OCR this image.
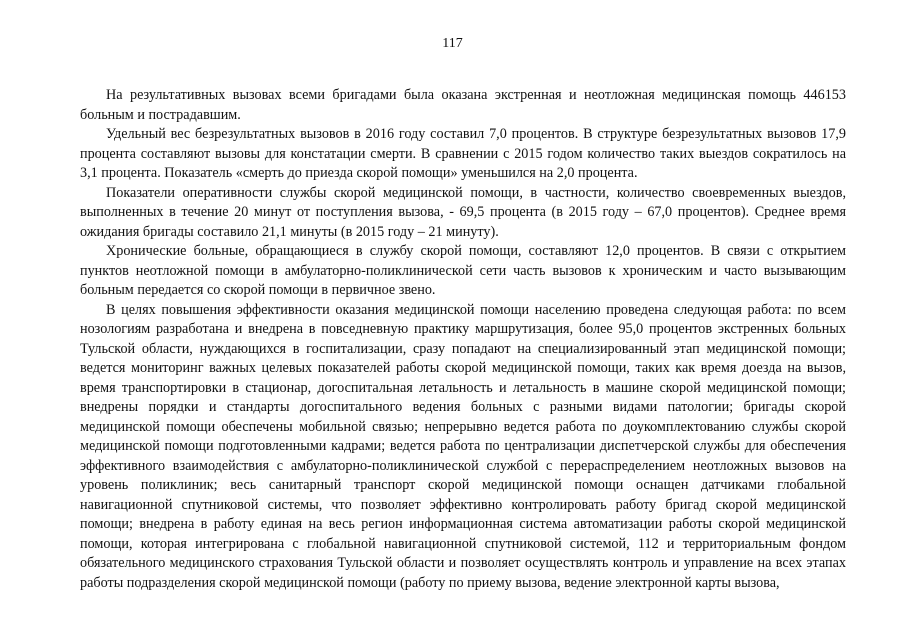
117

На результативных вызовах всеми бригадами была оказана экстренная и неотложная медицинская помощь 446153 больным и пострадавшим.

Удельный вес безрезультатных вызовов в 2016 году составил 7,0 процентов. В структуре безрезультатных вызовов 17,9 процента составляют вызовы для констатации смерти. В сравнении с 2015 годом количество таких выездов сократилось на 3,1 процента. Показатель «смерть до приезда скорой помощи» уменьшился на 2,0 процента.

Показатели оперативности службы скорой медицинской помощи, в частности, количество своевременных выездов, выполненных в течение 20 минут от поступления вызова, - 69,5 процента (в 2015 году – 67,0 процентов). Среднее время ожидания бригады составило 21,1 минуты (в 2015 году – 21 минуту).

Хронические больные, обращающиеся в службу скорой помощи, составляют 12,0 процентов. В связи с открытием пунктов неотложной помощи в амбулаторно-поликлинической сети часть вызовов к хроническим и часто вызывающим больным передается со скорой помощи в первичное звено.

В целях повышения эффективности оказания медицинской помощи населению проведена следующая работа: по всем нозологиям разработана и внедрена в повседневную практику маршрутизация, более 95,0 процентов экстренных больных Тульской области, нуждающихся в госпитализации, сразу попадают на специализированный этап медицинской помощи; ведется мониторинг важных целевых показателей работы скорой медицинской помощи, таких как время доезда на вызов, время транспортировки в стационар, догоспитальная летальность и летальность в машине скорой медицинской помощи; внедрены порядки и стандарты догоспитального ведения больных с разными видами патологии; бригады скорой медицинской помощи обеспечены мобильной связью; непрерывно ведется работа по доукомплектованию службы скорой медицинской помощи подготовленными кадрами; ведется работа по централизации диспетчерской службы для обеспечения эффективного взаимодействия с амбулаторно-поликлинической службой с перераспределением неотложных вызовов на уровень поликлиник; весь санитарный транспорт скорой медицинской помощи оснащен датчиками глобальной навигационной спутниковой системы, что позволяет эффективно контролировать работу бригад скорой медицинской помощи; внедрена в работу единая на весь регион информационная система автоматизации работы скорой медицинской помощи, которая интегрирована с глобальной навигационной спутниковой системой, 112 и территориальным фондом обязательного медицинского страхования Тульской области и позволяет осуществлять контроль и управление на всех этапах работы подразделения скорой медицинской помощи (работу по приему вызова, ведение электронной карты вызова,
